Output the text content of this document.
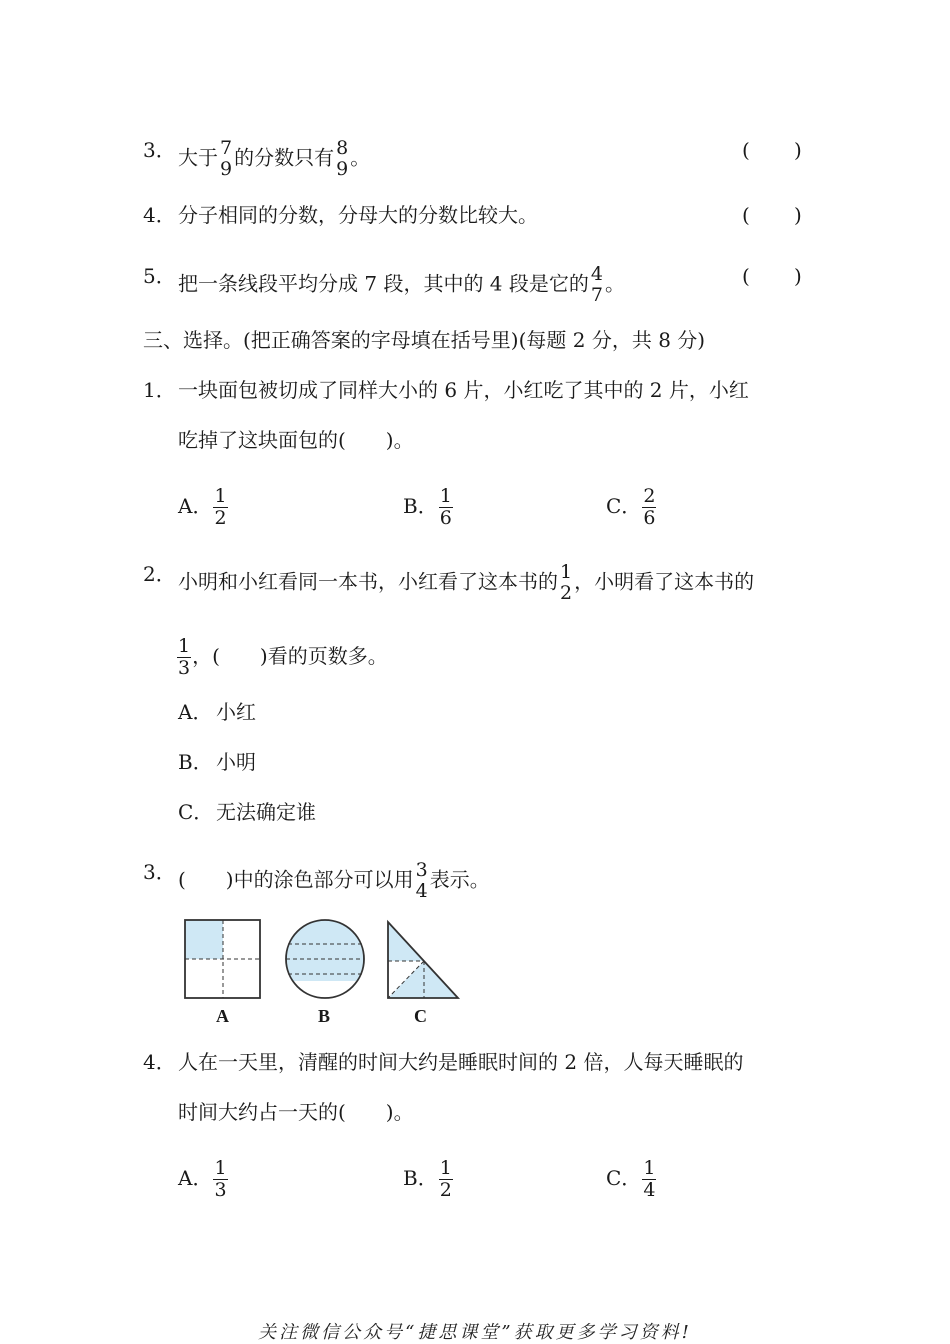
3． 大于 7
9 的分数只有 8
9 。	( )
4． 分子相同的分数，分母大的分数比较大。	( )
5． 把一条线段平均分成 7 段，其中的 4 段是它的 4
7 。	( )
三、选择。(把正确答案的字母填在括号里)(每题 2 分，共 8 分)
1． 一块面包被切成了同样大小的 6 片，小红吃了其中的 2 片，小红
吃掉了这块面包的(　　)。
A． $\frac{1}{2}$	B． $\frac{1}{6}$	C． $\frac{2}{6}$
2． 小明和小红看同一本书，小红看了这本书的 1
2 ，小明看了这本书的
$\frac{1}{3}$ ，(　　)看的页数多。
A． 小红
B． 小明
C． 无法确定谁
3． (　　)中的涂色部分可以用 3
4 表示。
A	B	C
4． 人在一天里，清醒的时间大约是睡眠时间的 2 倍，人每天睡眠的
时间大约占一天的(　　)。
A． $\frac{1}{3}$	B． $\frac{1}{2}$	C． $\frac{1}{4}$
关注微信公众号“捷思课堂”获取更多学习资料!
